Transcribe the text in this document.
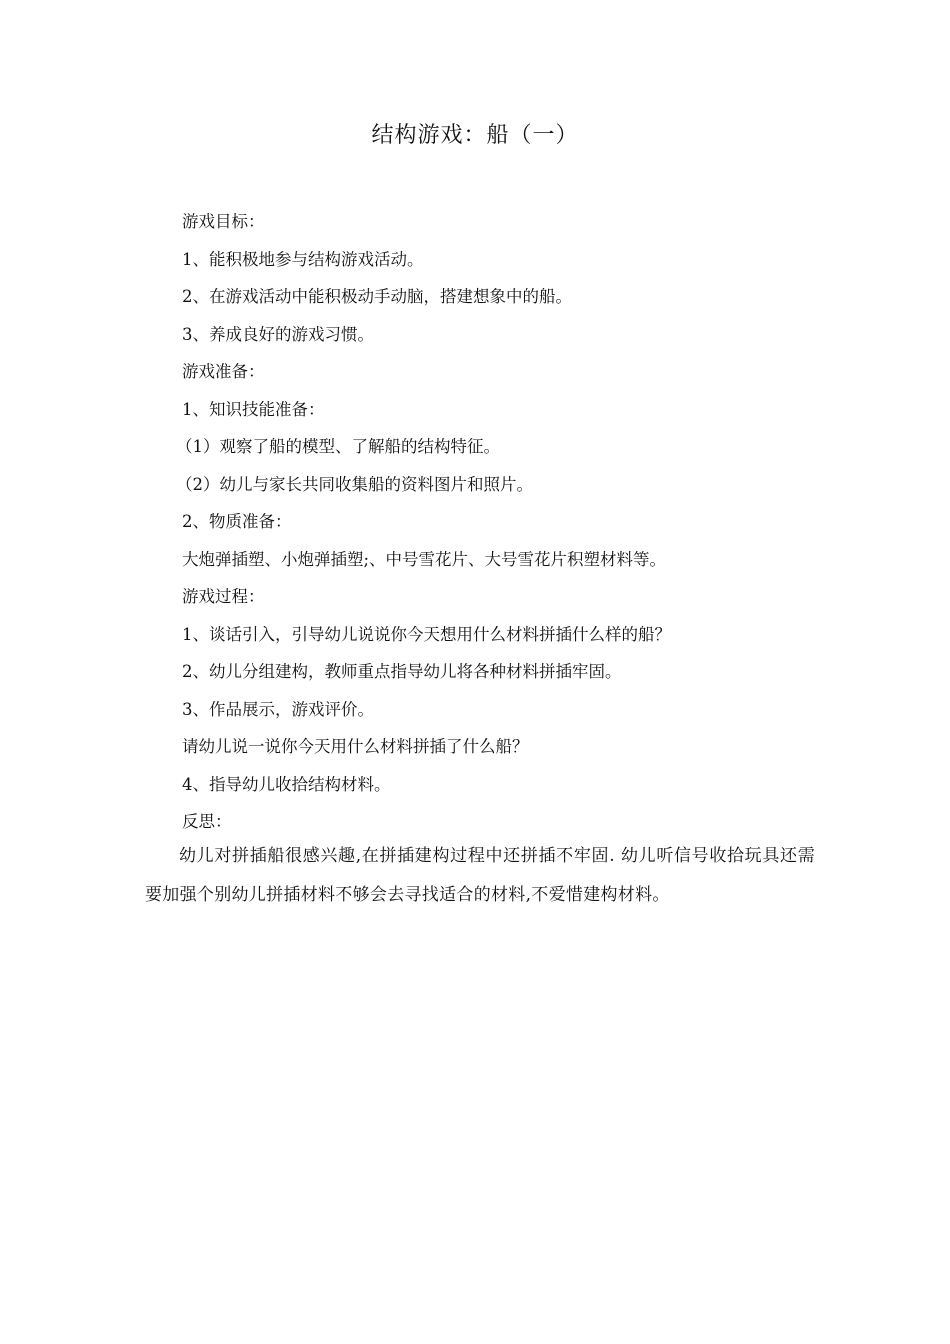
结构游戏：船（一）
游戏目标：
1、能积极地参与结构游戏活动。
2、在游戏活动中能积极动手动脑，搭建想象中的船。
3、养成良好的游戏习惯。
游戏准备：
1、知识技能准备：
（1）观察了船的模型、了解船的结构特征。
（2）幼儿与家长共同收集船的资料图片和照片。
2、物质准备：
大炮弹插塑、小炮弹插塑;、中号雪花片、大号雪花片积塑材料等。
游戏过程：
1、谈话引入，引导幼儿说说你今天想用什么材料拼插什么样的船？
2、幼儿分组建构，教师重点指导幼儿将各种材料拼插牢固。
3、作品展示，游戏评价。
请幼儿说一说你今天用什么材料拼插了什么船？
4、指导幼儿收拾结构材料。
反思：
幼儿对拼插船很感兴趣,在拼插建构过程中还拼插不牢固. 幼儿听信号收拾玩具还需要加强个别幼儿拼插材料不够会去寻找适合的材料,不爱惜建构材料。
